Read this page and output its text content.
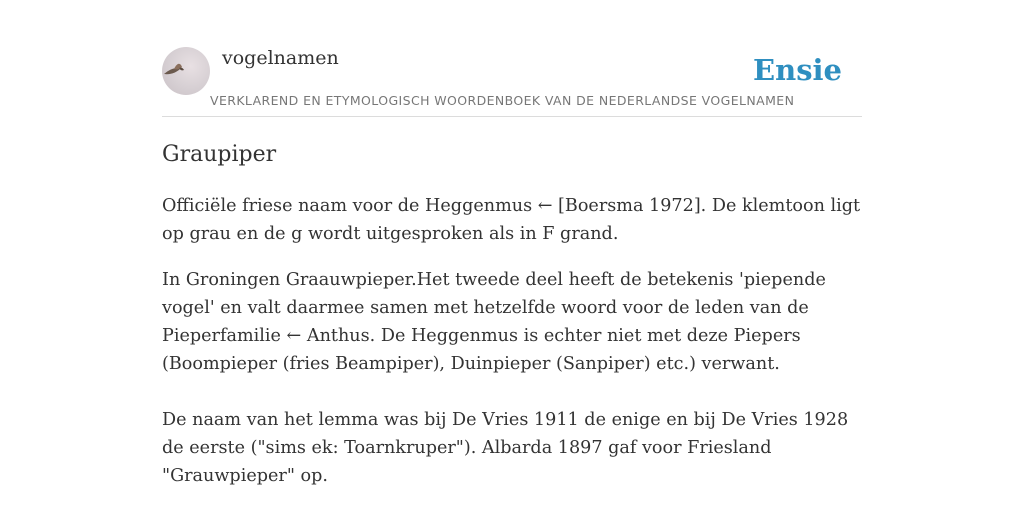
vogelnamen	Ensie
VERKLAREND EN ETYMOLOGISCH WOORDENBOEK VAN DE NEDERLANDSE VOGELNAMEN
Graupiper

Officiële friese naam voor de Heggenmus ← [Boersma 1972]. De klemtoon ligt op grau en de g wordt uitgesproken als in F grand.

In Groningen Graauwpieper.Het tweede deel heeft de betekenis 'piepende vogel' en valt daarmee samen met hetzelfde woord voor de leden van de Pieperfamilie ← Anthus. De Heggenmus is echter niet met deze Piepers (Boompieper (fries Beampiper), Duinpieper (Sanpiper) etc.) verwant.

De naam van het lemma was bij De Vries 1911 de enige en bij De Vries 1928 de eerste ("sims ek: Toarnkruper"). Albarda 1897 gaf voor Friesland "Grauwpieper" op.
